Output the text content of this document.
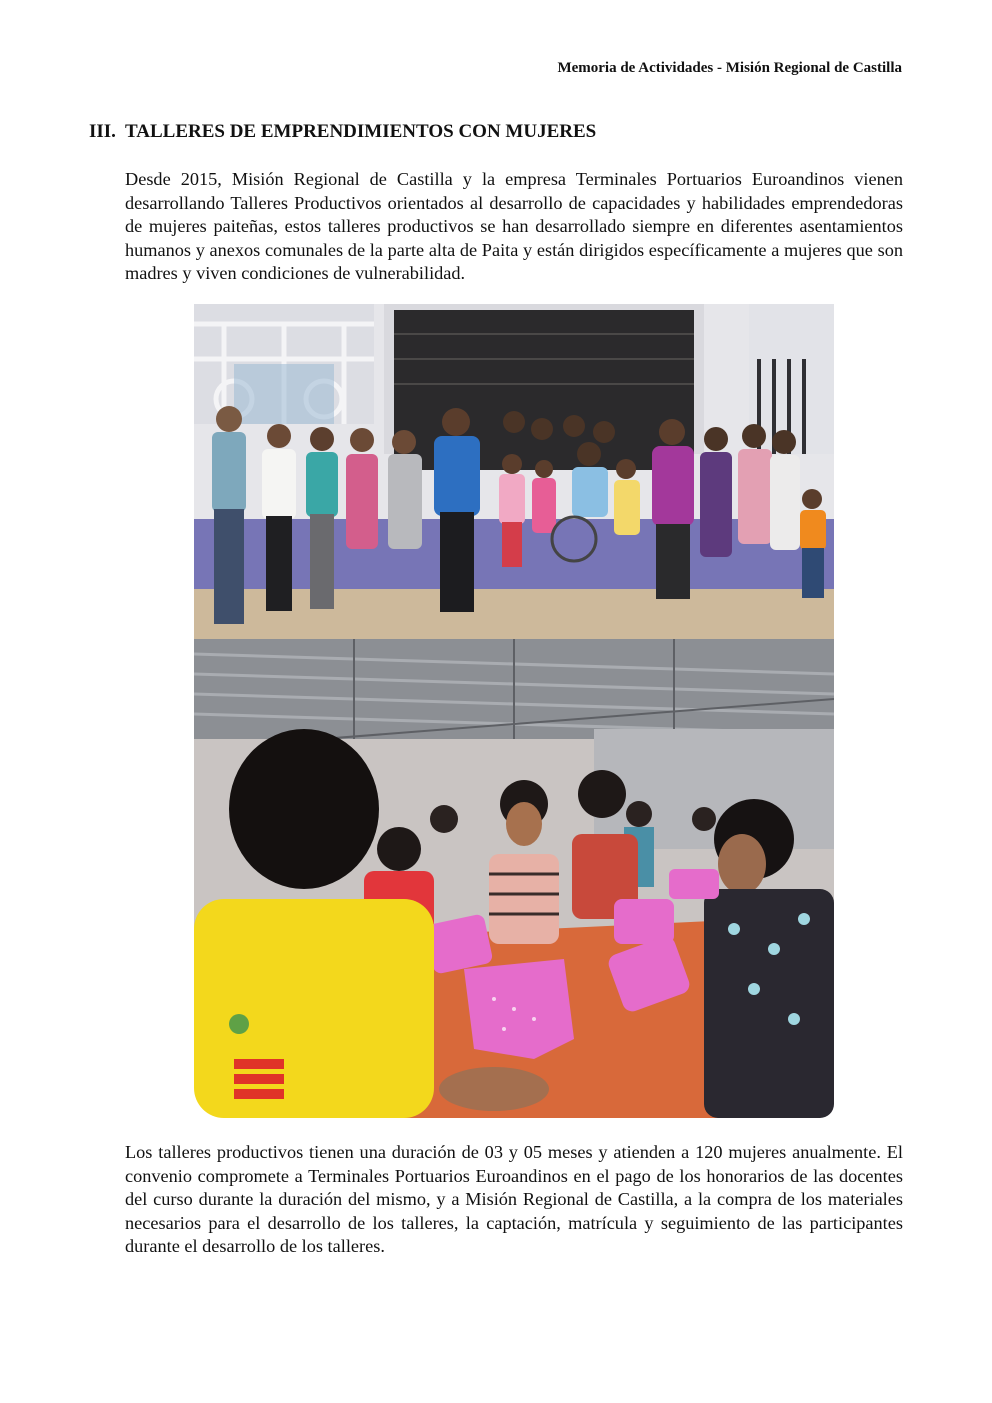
Memoria de Actividades - Misión Regional de Castilla
III. TALLERES DE EMPRENDIMIENTOS CON MUJERES

Desde 2015, Misión Regional de Castilla y la empresa Terminales Portuarios Euroandinos vienen desarrollando Talleres Productivos orientados al desarrollo de capacidades y habilidades emprendedoras de mujeres paiteñas, estos talleres productivos se han desarrollado siempre en diferentes asentamientos humanos y anexos comunales de la parte alta de Paita y están dirigidos específicamente a mujeres que son madres y viven condiciones de vulnerabilidad.

Los talleres productivos tienen una duración de 03 y 05 meses y atienden a 120 mujeres anualmente. El convenio compromete a Terminales Portuarios Euroandinos en el pago de los honorarios de las docentes del curso durante la duración del mismo, y a Misión Regional de Castilla, a la compra de los materiales necesarios para el desarrollo de los talleres, la captación, matrícula y seguimiento de las participantes durante el desarrollo de los talleres.
